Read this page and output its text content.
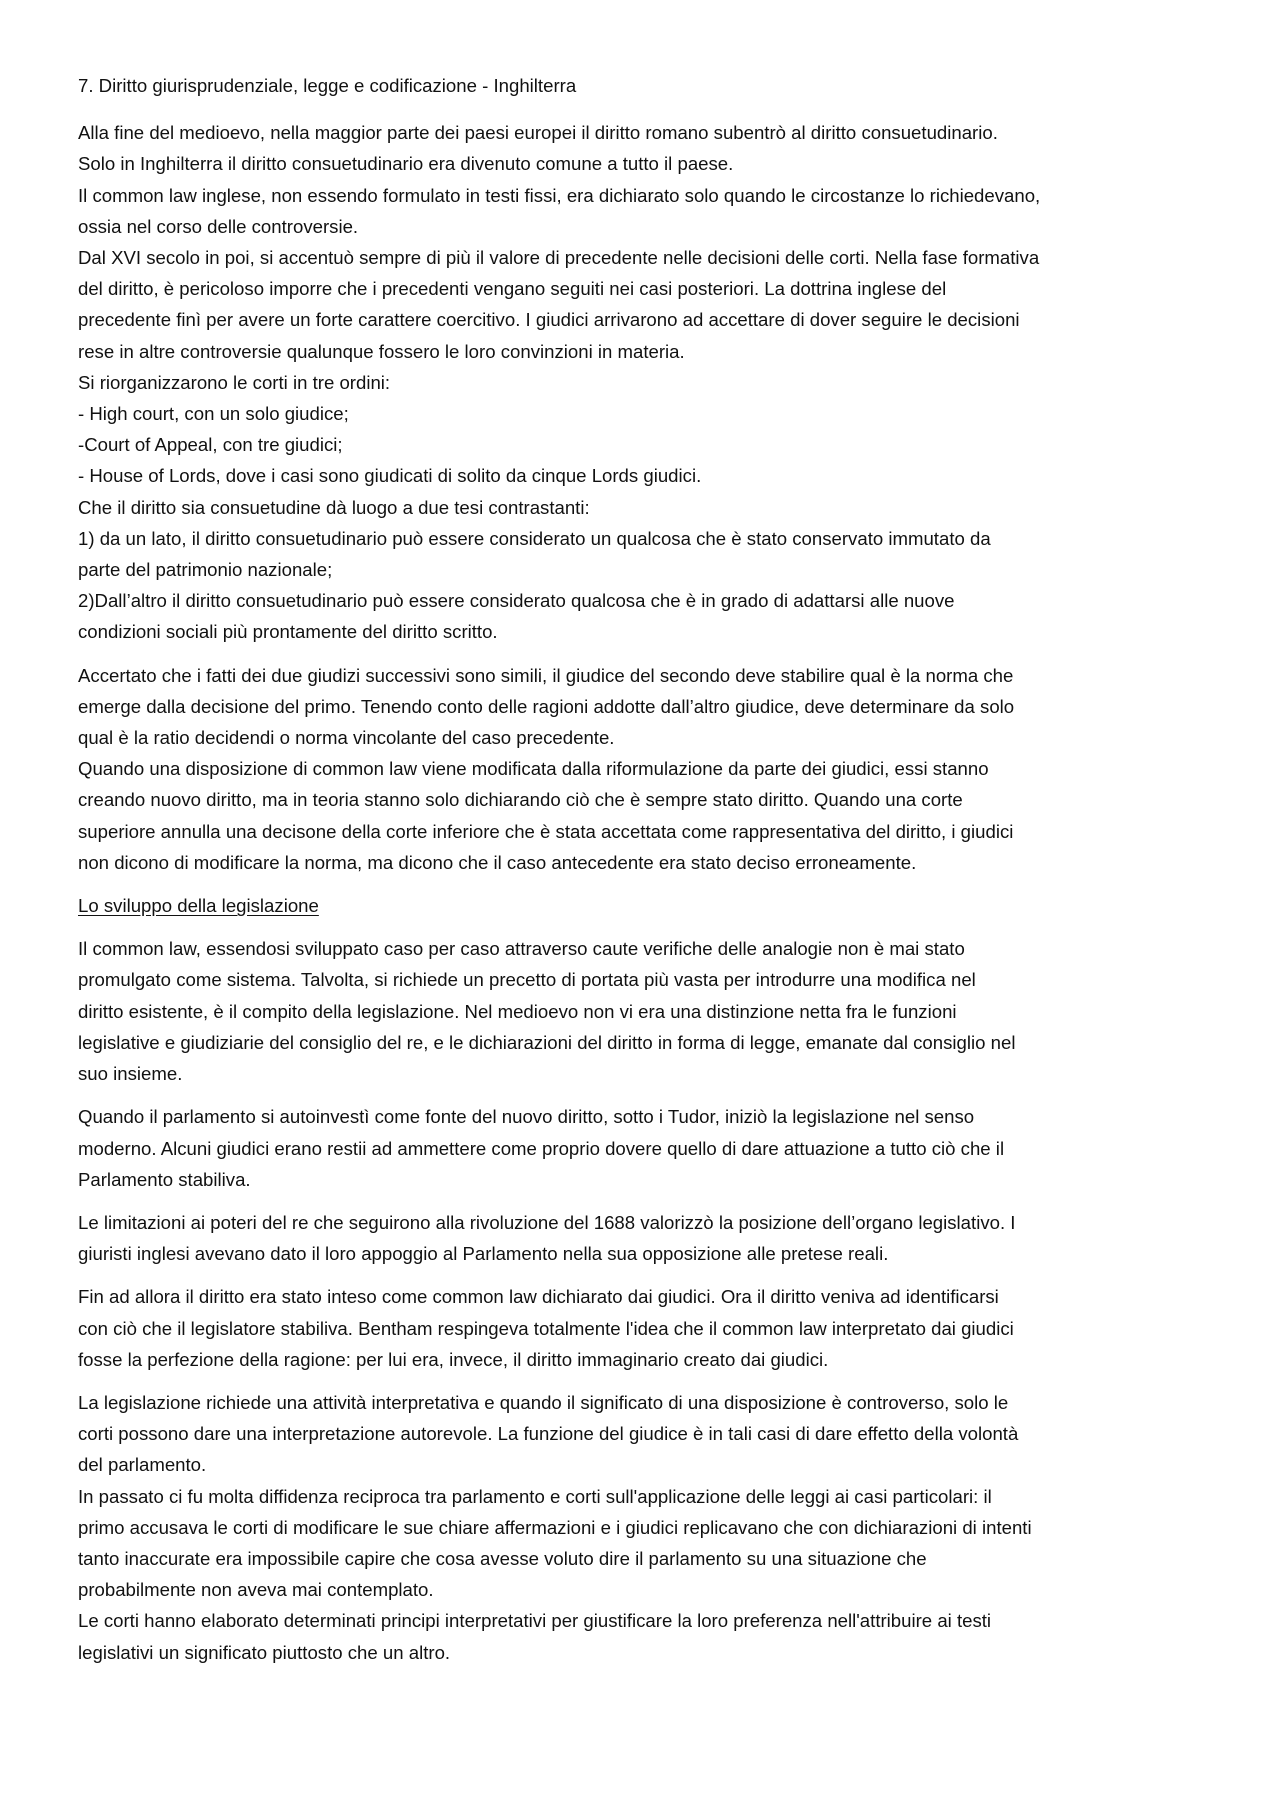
7. Diritto giurisprudenziale, legge e codificazione - Inghilterra

Alla fine del medioevo, nella maggior parte dei paesi europei il diritto romano subentrò al diritto consuetudinario.

Solo in Inghilterra il diritto consuetudinario era divenuto comune a tutto il paese.

Il common law inglese, non essendo formulato in testi fissi, era dichiarato solo quando le circostanze lo richiedevano,

ossia nel corso delle controversie.

Dal XVI secolo in poi, si accentuò sempre di più il valore di precedente nelle decisioni delle corti. Nella fase formativa

del diritto, è pericoloso imporre che i precedenti vengano seguiti nei casi posteriori. La dottrina inglese del

precedente finì per avere un forte carattere coercitivo. I giudici arrivarono ad accettare di dover seguire le decisioni

rese in altre controversie qualunque fossero le loro convinzioni in materia.

Si riorganizzarono le corti in tre ordini:

- High court, con un solo giudice;

-Court of Appeal, con tre giudici;

- House of Lords, dove i casi sono giudicati di solito da cinque Lords giudici.

Che il diritto sia consuetudine dà luogo a due tesi contrastanti:

1) da un lato, il diritto consuetudinario può essere considerato un qualcosa che è stato conservato immutato da

parte del patrimonio nazionale;

2)Dall’altro il diritto consuetudinario può essere considerato qualcosa che è in grado di adattarsi alle nuove

condizioni sociali più prontamente del diritto scritto.

Accertato che i fatti dei due giudizi successivi sono simili, il giudice del secondo deve stabilire qual è la norma che

emerge dalla decisione del primo. Tenendo conto delle ragioni addotte dall’altro giudice, deve determinare da solo

qual è la ratio decidendi o norma vincolante del caso precedente.

Quando una disposizione di common law viene modificata dalla riformulazione da parte dei giudici, essi stanno

creando nuovo diritto, ma in teoria stanno solo dichiarando ciò che è sempre stato diritto. Quando una corte

superiore annulla una decisone della corte inferiore che è stata accettata come rappresentativa del diritto, i giudici

non dicono di modificare la norma, ma dicono che il caso antecedente era stato deciso erroneamente.

Lo sviluppo della legislazione

Il common law, essendosi sviluppato caso per caso attraverso caute verifiche delle analogie non è mai stato

promulgato come sistema. Talvolta, si richiede un precetto di portata più vasta per introdurre una modifica nel

diritto esistente, è il compito della legislazione. Nel medioevo non vi era una distinzione netta fra le funzioni

legislative e giudiziarie del consiglio del re, e le dichiarazioni del diritto in forma di legge, emanate dal consiglio nel

suo insieme.

Quando il parlamento si autoinvestì come fonte del nuovo diritto, sotto i Tudor, iniziò la legislazione nel senso

moderno. Alcuni giudici erano restii ad ammettere come proprio dovere quello di dare attuazione a tutto ciò che il

Parlamento stabiliva.

Le limitazioni ai poteri del re che seguirono alla rivoluzione del 1688 valorizzò la posizione dell’organo legislativo. I

giuristi inglesi avevano dato il loro appoggio al Parlamento nella sua opposizione alle pretese reali.

Fin ad allora il diritto era stato inteso come common law dichiarato dai giudici. Ora il diritto veniva ad identificarsi

con ciò che il legislatore stabiliva. Bentham respingeva totalmente l'idea che il common law interpretato dai giudici

fosse la perfezione della ragione: per lui era, invece, il diritto immaginario creato dai giudici.

La legislazione richiede una attività interpretativa e quando il significato di una disposizione è controverso, solo le

corti possono dare una interpretazione autorevole. La funzione del giudice è in tali casi di dare effetto della volontà

del parlamento.

In passato ci fu molta diffidenza reciproca tra parlamento e corti sull'applicazione delle leggi ai casi particolari: il

primo accusava le corti di modificare le sue chiare affermazioni e i giudici replicavano che con dichiarazioni di intenti

tanto inaccurate era impossibile capire che cosa avesse voluto dire il parlamento su una situazione che

probabilmente non aveva mai contemplato.

Le corti hanno elaborato determinati principi interpretativi per giustificare la loro preferenza nell'attribuire ai testi

legislativi un significato piuttosto che un altro.
